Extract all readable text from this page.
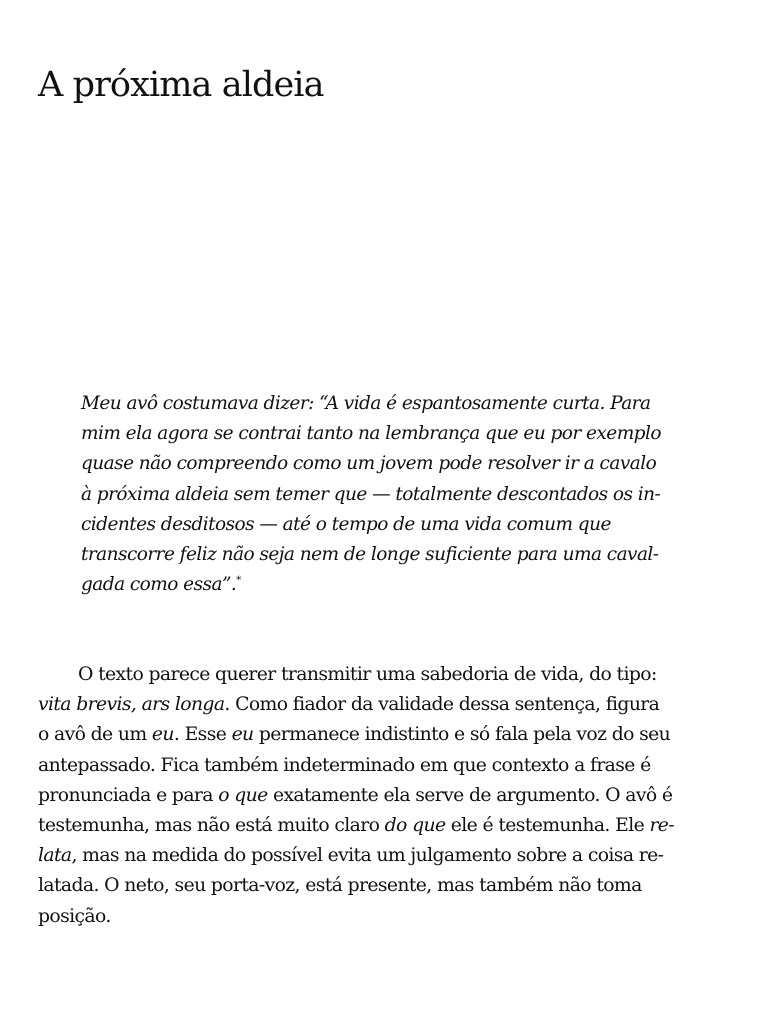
A próxima aldeia
Meu avô costumava dizer: “A vida é espantosamente curta. Para
mim ela agora se contrai tanto na lembrança que eu por exemplo
quase não compreendo como um jovem pode resolver ir a cavalo
à próxima aldeia sem temer que — totalmente descontados os in-
cidentes desditosos — até o tempo de uma vida comum que
transcorre feliz não seja nem de longe suficiente para uma caval-
gada como essa”.*
O texto parece querer transmitir uma sabedoria de vida, do tipo:
vita brevis, ars longa. Como fiador da validade dessa sentença, figura
o avô de um eu. Esse eu permanece indistinto e só fala pela voz do seu
antepassado. Fica também indeterminado em que contexto a frase é
pronunciada e para o que exatamente ela serve de argumento. O avô é
testemunha, mas não está muito claro do que ele é testemunha. Ele re-
lata, mas na medida do possível evita um julgamento sobre a coisa re-
latada. O neto, seu porta-voz, está presente, mas também não toma
posição.
